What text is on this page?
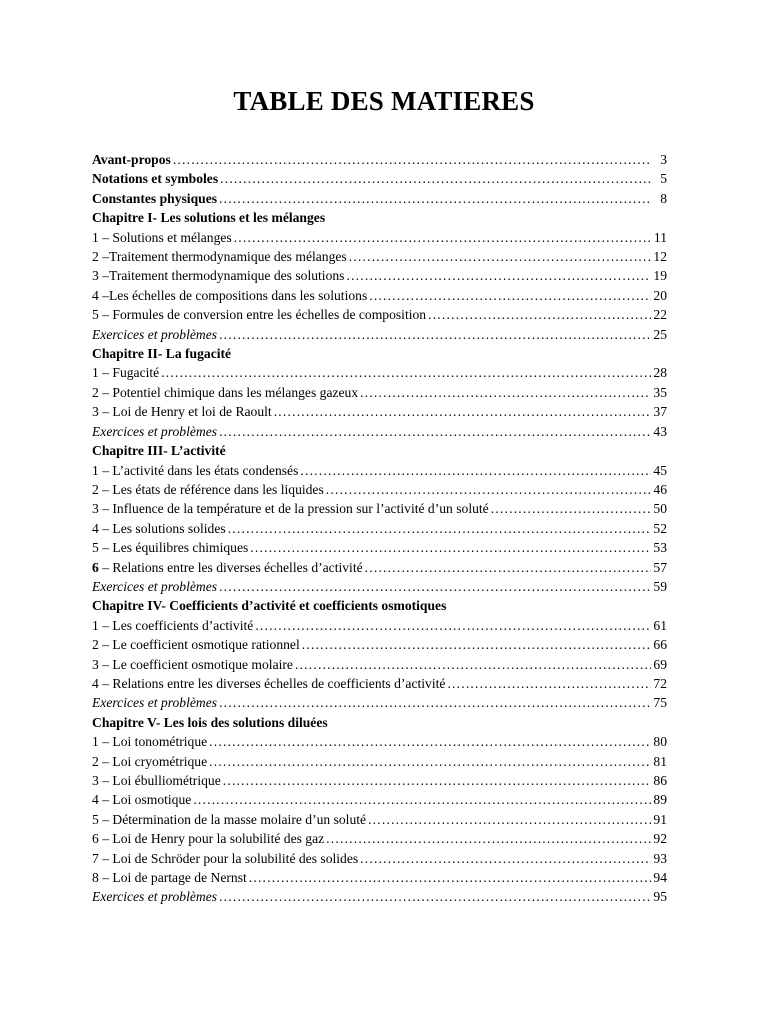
TABLE DES MATIERES
Avant-propos .....	3
Notations et symboles .....	5
Constantes physiques .....	8
Chapitre I- Les solutions et les mélanges
1 – Solutions et mélanges .....	11
2 –Traitement thermodynamique des mélanges .....	12
3 –Traitement thermodynamique des solutions .....	19
4 –Les échelles de compositions dans les solutions .....	20
5 – Formules de conversion entre les échelles de composition .....	22
Exercices et problèmes .....	25
Chapitre II- La fugacité
1 – Fugacité .....	28
2 – Potentiel chimique dans les mélanges gazeux .....	35
3 – Loi de Henry et loi de Raoult .....	37
Exercices et problèmes .....	43
Chapitre III- L’activité
1 – L’activité dans les états condensés .....	45
2 – Les états de référence dans les liquides .....	46
3 – Influence de la température et de la pression sur l’activité d’un soluté .....	50
4 – Les solutions solides .....	52
5 – Les équilibres chimiques .....	53
6 – Relations entre les diverses échelles d’activité .....	57
Exercices et problèmes .....	59
Chapitre IV- Coefficients d’activité et coefficients osmotiques
1 – Les coefficients d’activité .....	61
2 – Le coefficient osmotique rationnel .....	66
3 – Le coefficient osmotique molaire .....	69
4 – Relations entre les diverses échelles de coefficients d’activité .....	72
Exercices et problèmes .....	75
Chapitre V- Les lois des solutions diluées
1 – Loi tonométrique .....	80
2 – Loi cryométrique .....	81
3 – Loi ébulliométrique .....	86
4 – Loi osmotique .....	89
5 – Détermination de la masse molaire d’un soluté .....	91
6 – Loi de Henry pour la solubilité des gaz .....	92
7 – Loi de Schröder pour la solubilité des solides .....	93
8 – Loi de partage de Nernst .....	94
Exercices et problèmes .....	95
